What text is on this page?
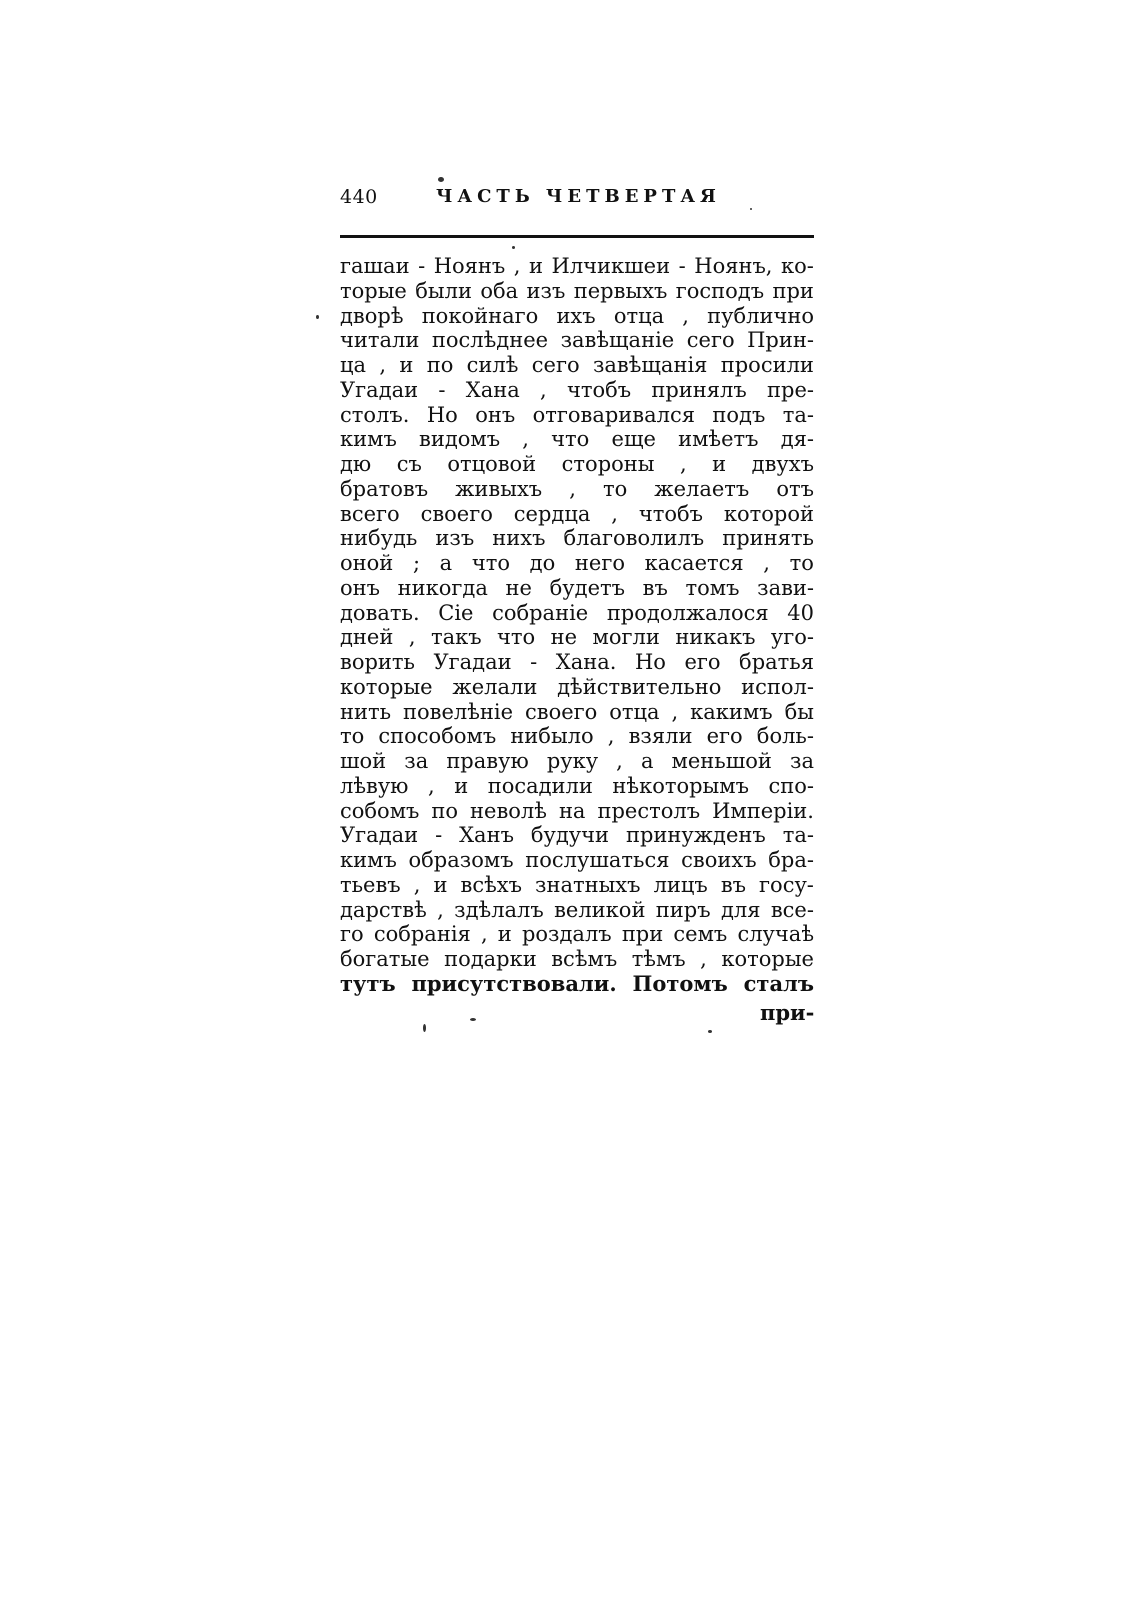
440	ЧАСТЬ ЧЕТВЕРТАЯ
гашаи - Ноянъ , и Илчикшеи - Ноянъ, ко-
торые были оба изъ первыхъ господъ при
дворѣ покойнаго ихъ отца , публично
читали послѣднее завѣщаніе сего Прин-
ца , и по силѣ сего завѣщанія просили
Угадаи - Хана , чтобъ принялъ пре-
столъ. Но онъ отговаривался подъ та-
кимъ видомъ , что еще имѣетъ дя-
дю съ отцовой стороны , и двухъ
братовъ живыхъ , то желаетъ отъ
всего своего сердца , чтобъ которой
нибудь изъ нихъ благоволилъ принять
оной ; а что до него касается , то
онъ никогда не будетъ въ томъ зави-
довать. Сіе собраніе продолжалося 40
дней , такъ что не могли никакъ уго-
ворить Угадаи - Хана. Но его братья
которые желали дѣйствительно испол-
нить повелѣніе своего отца , какимъ бы
то способомъ нибыло , взяли его боль-
шой за правую руку , а меньшой за
лѣвую , и посадили нѣкоторымъ спо-
собомъ по неволѣ на престолъ Имперіи.
Угадаи - Ханъ будучи принужденъ та-
кимъ образомъ послушаться своихъ бра-
тьевъ , и всѣхъ знатныхъ лицъ въ госу-
дарствѣ , здѣлалъ великой пиръ для все-
го собранія , и роздалъ при семъ случаѣ
богатые подарки всѣмъ тѣмъ , которые
тутъ присутствовали. Потомъ сталъ
при-
